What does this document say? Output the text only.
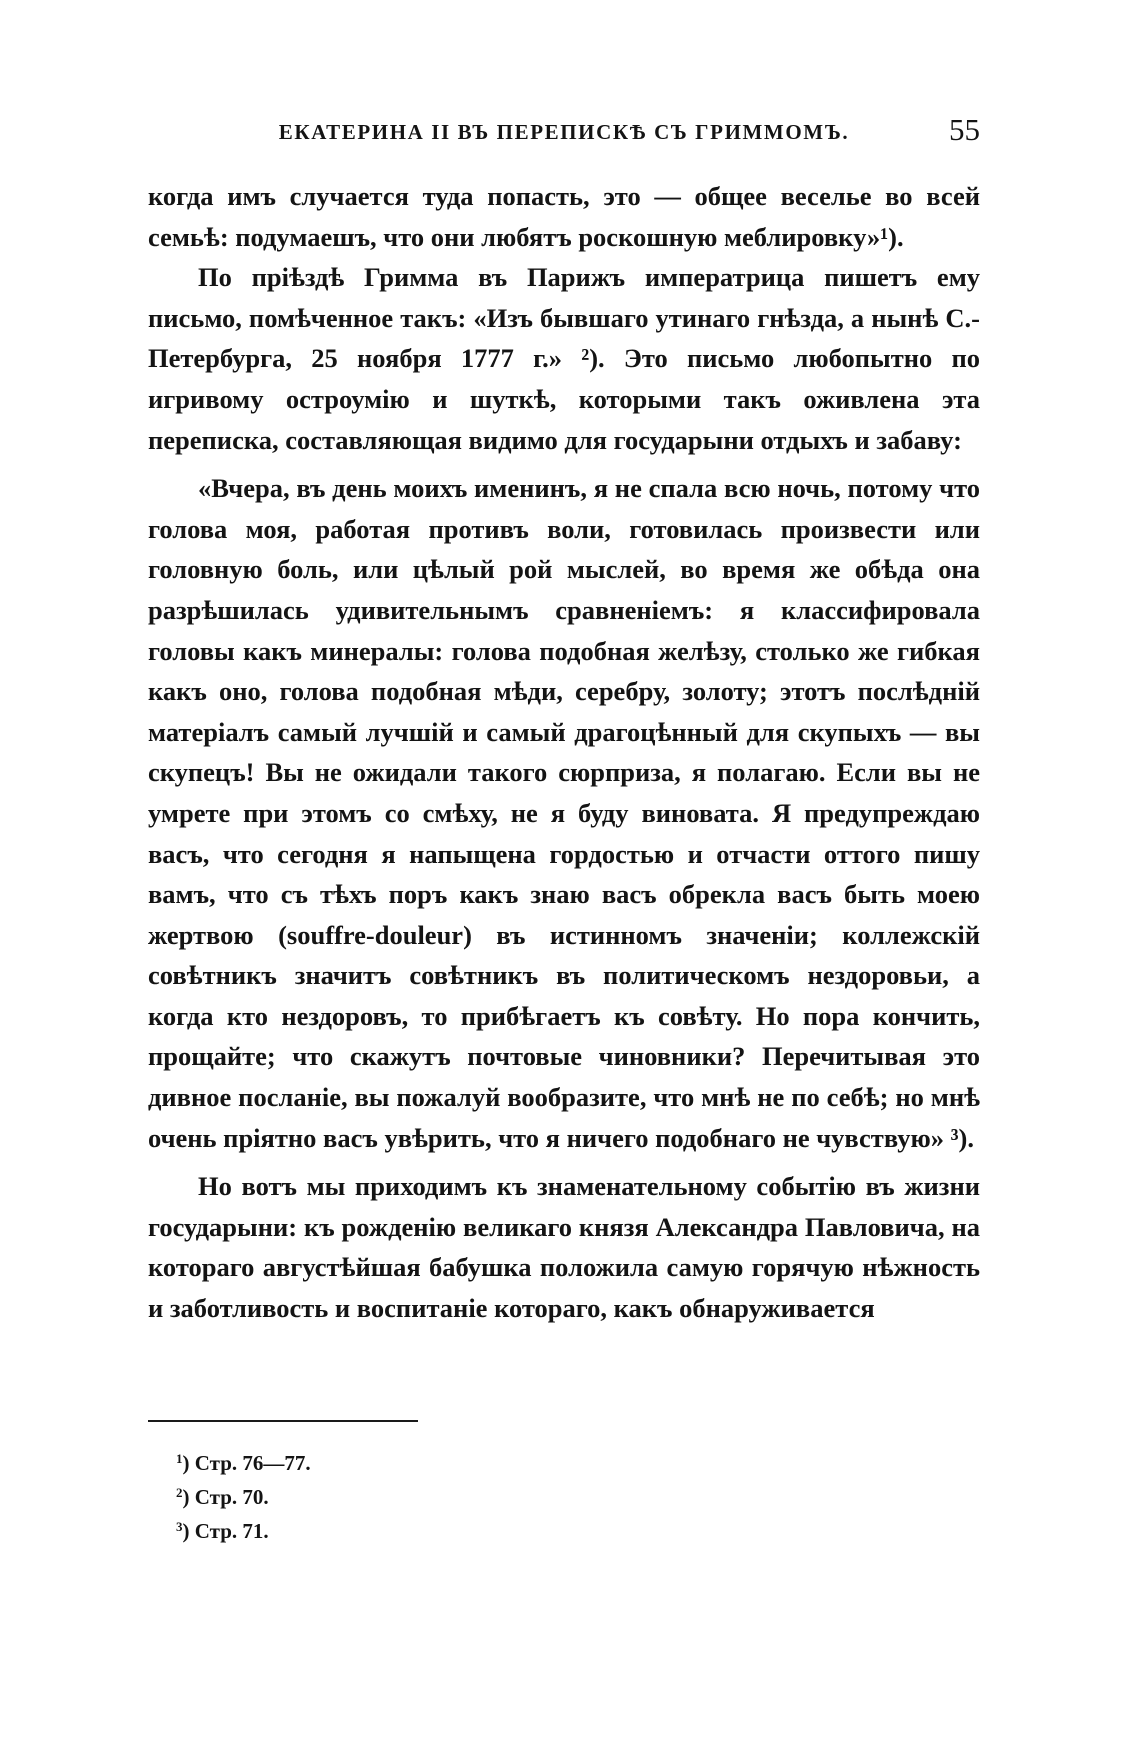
ЕКАТЕРИНА II ВЪ ПЕРЕПИСКѢ СЪ ГРИММОМЪ.	55

когда имъ случается туда попасть, это — общее веселье во всей семьѣ: подумаешъ, что они любятъ роскошную меблировку»¹).

По пріѣздѣ Гримма въ Парижъ императрица пишетъ ему письмо, помѣченное такъ: «Изъ бывшаго утинаго гнѣзда, а нынѣ С.-Петербурга, 25 ноября 1777 г.» ²). Это письмо любопытно по игривому остроумію и шуткѣ, которыми такъ оживлена эта переписка, составляющая видимо для государыни отдыхъ и забаву:

«Вчера, въ день моихъ именинъ, я не спала всю ночь, потому что голова моя, работая противъ воли, готовилась произвести или головную боль, или цѣлый рой мыслей, во время же обѣда она разрѣшилась удивительнымъ сравненіемъ: я классифировала головы какъ минералы: голова подобная желѣзу, столько же гибкая какъ оно, голова подобная мѣди, серебру, золоту; этотъ послѣдній матеріалъ самый лучшій и самый драгоцѣнный для скупыхъ — вы скупецъ! Вы не ожидали такого сюрприза, я полагаю. Если вы не умрете при этомъ со смѣху, не я буду виновата. Я предупреждаю васъ, что сегодня я напыщена гордостью и отчасти оттого пишу вамъ, что съ тѣхъ поръ какъ знаю васъ обрекла васъ быть моею жертвою (souffre-douleur) въ истинномъ значеніи; коллежскій совѣтникъ значитъ совѣтникъ въ политическомъ нездоровьи, а когда кто нездоровъ, то прибѣгаетъ къ совѣту. Но пора кончить, прощайте; что скажутъ почтовые чиновники? Перечитывая это дивное посланіе, вы пожалуй вообразите, что мнѣ не по себѣ; но мнѣ очень пріятно васъ увѣрить, что я ничего подобнаго не чувствую» ³).

Но вотъ мы приходимъ къ знаменательному событію въ жизни государыни: къ рожденію великаго князя Александра Павловича, на котораго августѣйшая бабушка положила самую горячую нѣжность и заботливость и воспитаніе котораго, какъ обнаруживается

$^1$) Стр. 76—77.
$^2$) Стр. 70.
$^3$) Стр. 71.
